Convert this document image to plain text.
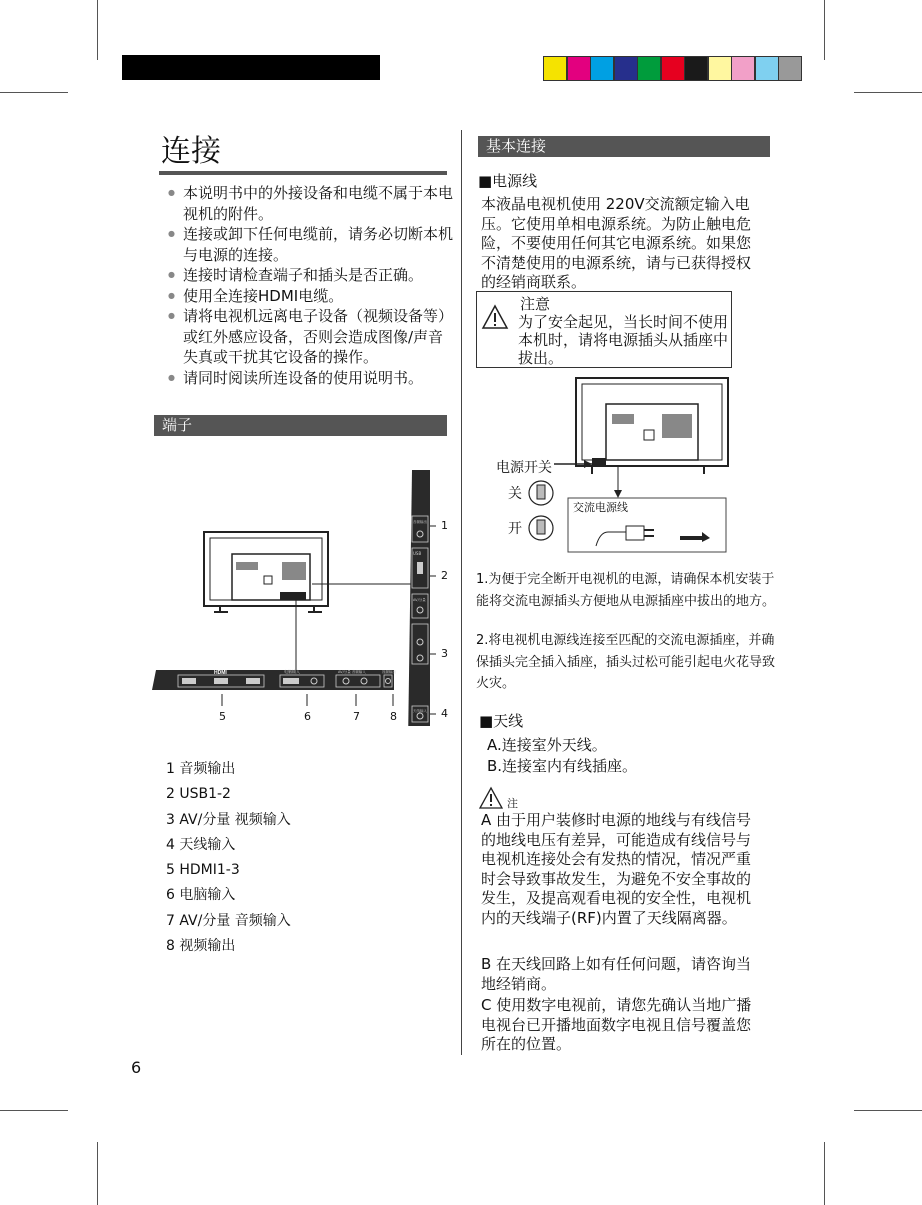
连接
● 本说明书中的外接设备和电缆不属于本电视机的附件。
● 连接或卸下任何电缆前，请务必切断本机与电源的连接。
● 连接时请检查端子和插头是否正确。
● 使用全连接HDMI电缆。
● 请将电视机远离电子设备（视频设备等）或红外感应设备，否则会造成图像/声音失真或干扰其它设备的操作。
● 请同时阅读所连设备的使用说明书。
端子
HDMI	电脑输入	AV/分量 音频输入	视频输出
音频输出
USB
AV/分量
天线输入
5	6	7	8
1
2
3
4
1 音频输出
2 USB1-2
3 AV/分量 视频输入
4 天线输入
5 HDMI1-3
6 电脑输入
7 AV/分量 音频输入
8 视频输出
6
基本连接
■电源线
本液晶电视机使用 220V交流额定输入电压。它使用单相电源系统。为防止触电危险，不要使用任何其它电源系统。如果您不清楚使用的电源系统，请与已获得授权的经销商联系。
注意
为了安全起见，当长时间不使用本机时，请将电源插头从插座中拔出。
电源开关
关
开
交流电源线
1.为便于完全断开电视机的电源，请确保本机安装于能将交流电源插头方便地从电源插座中拔出的地方。
2.将电视机电源线连接至匹配的交流电源插座，并确保插头完全插入插座，插头过松可能引起电火花导致火灾。
■天线
A.连接室外天线。
B.连接室内有线插座。
注
A 由于用户装修时电源的地线与有线信号的地线电压有差异，可能造成有线信号与电视机连接处会有发热的情况，情况严重时会导致事故发生，为避免不安全事故的发生，及提高观看电视的安全性，电视机内的天线端子(RF)内置了天线隔离器。
B 在天线回路上如有任何问题，请咨询当地经销商。
C 使用数字电视前，请您先确认当地广播电视台已开播地面数字电视且信号覆盖您所在的位置。
